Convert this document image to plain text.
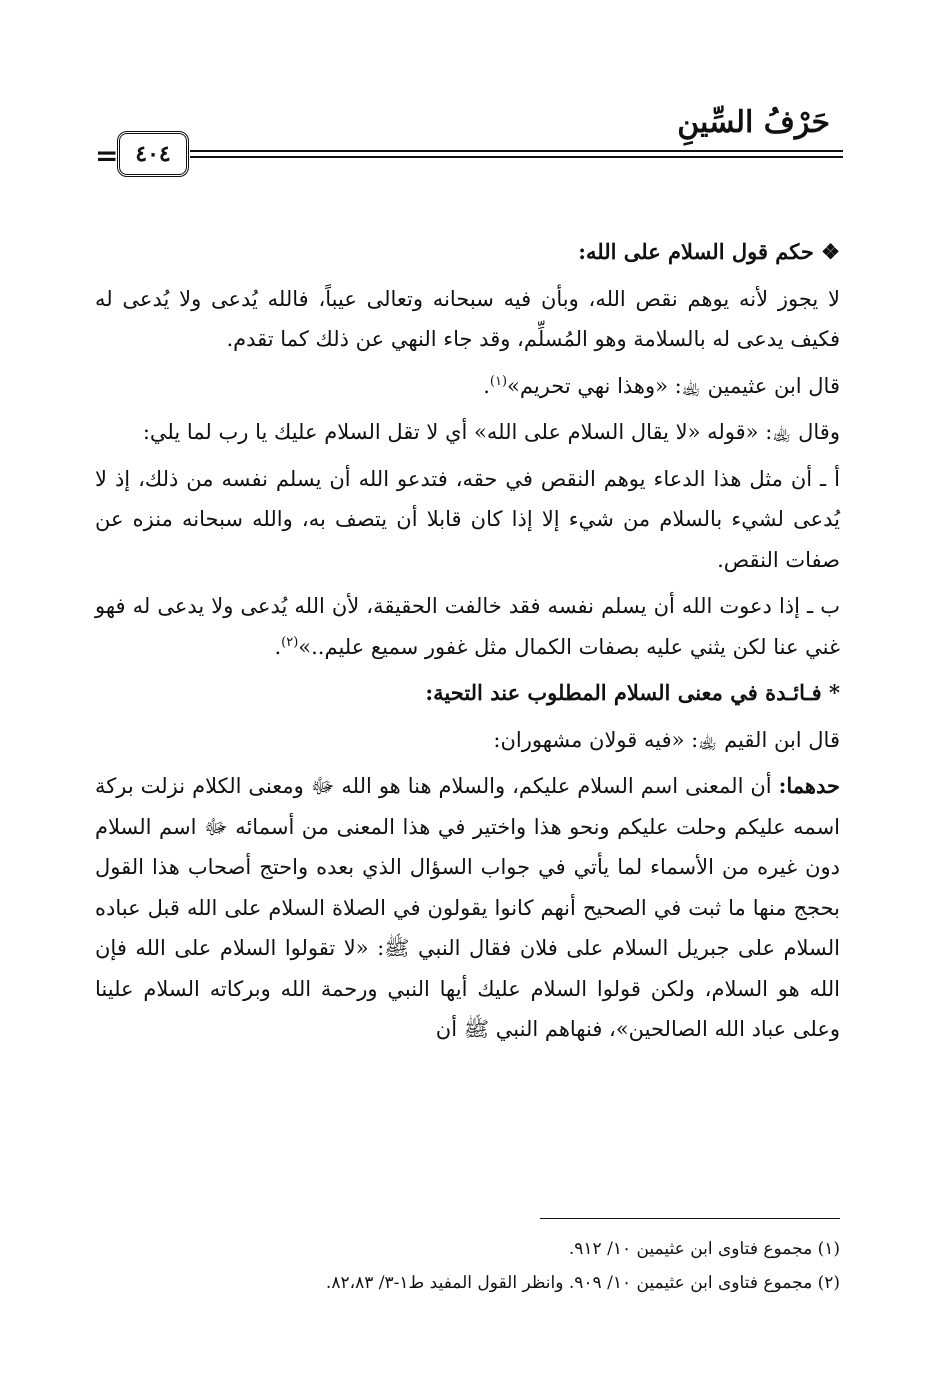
حَرْفُ السِّينِ
٤٠٤
=

❖ حكم قول السلام على الله:

لا يجوز لأنه يوهم نقص الله، وبأن فيه سبحانه وتعالى عيباً، فالله يُدعى ولا يُدعى له فكيف يدعى له بالسلامة وهو المُسلِّم، وقد جاء النهي عن ذلك كما تقدم.

قال ابن عثيمين ﵀: «وهذا نهي تحريم»$^{(١)}$.

وقال ﵀: «قوله «لا يقال السلام على الله» أي لا تقل السلام عليك يا رب لما يلي:

أ ـ أن مثل هذا الدعاء يوهم النقص في حقه، فتدعو الله أن يسلم نفسه من ذلك، إذ لا يُدعى لشيء بالسلام من شيء إلا إذا كان قابلا أن يتصف به، والله سبحانه منزه عن صفات النقص.

ب ـ إذا دعوت الله أن يسلم نفسه فقد خالفت الحقيقة، لأن الله يُدعى ولا يدعى له فهو غني عنا لكن يثني عليه بصفات الكمال مثل غفور سميع عليم..»$^{(٢)}$.

* فـائـدة في معنى السلام المطلوب عند التحية:

قال ابن القيم ﵀: «فيه قولان مشهوران:

حدهما: أن المعنى اسم السلام عليكم، والسلام هنا هو الله ﷻ ومعنى الكلام نزلت بركة اسمه عليكم وحلت عليكم ونحو هذا واختير في هذا المعنى من أسمائه ﷻ اسم السلام دون غيره من الأسماء لما يأتي في جواب السؤال الذي بعده واحتج أصحاب هذا القول بحجج منها ما ثبت في الصحيح أنهم كانوا يقولون في الصلاة السلام على الله قبل عباده السلام على جبريل السلام على فلان فقال النبي ﷺ: «لا تقولوا السلام على الله فإن الله هو السلام، ولكن قولوا السلام عليك أيها النبي ورحمة الله وبركاته السلام علينا وعلى عباد الله الصالحين»، فنهاهم النبي ﷺ أن

(١) مجموع فتاوى ابن عثيمين ١٠/ ٩١٢.

(٢) مجموع فتاوى ابن عثيمين ١٠/ ٩٠٩. وانظر القول المفيد ط١-٣/ ٨٢،٨٣.
